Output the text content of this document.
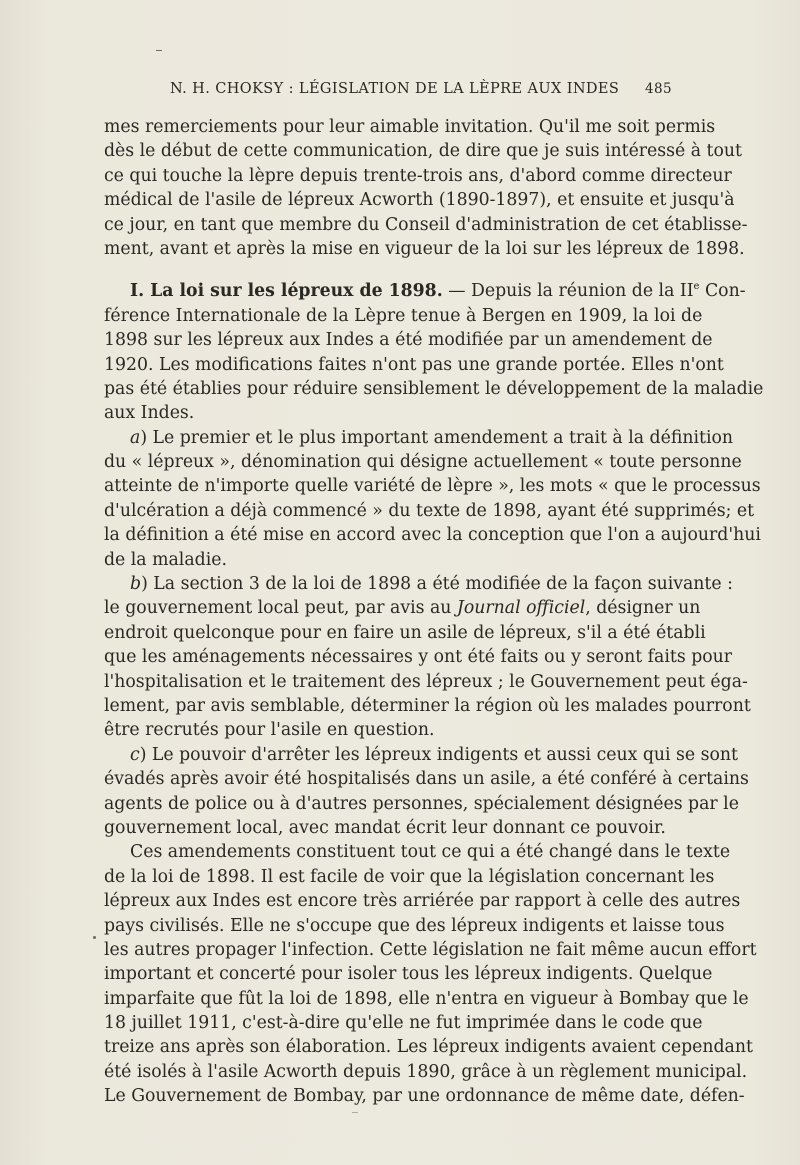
N. H. CHOKSY : LÉGISLATION DE LA LÈPRE AUX INDES 485
mes remerciements pour leur aimable invitation. Qu'il me soit permis
dès le début de cette communication, de dire que je suis intéressé à tout
ce qui touche la lèpre depuis trente-trois ans, d'abord comme directeur
médical de l'asile de lépreux Acworth (1890-1897), et ensuite et jusqu'à
ce jour, en tant que membre du Conseil d'administration de cet établisse-
ment, avant et après la mise en vigueur de la loi sur les lépreux de 1898.
I. La loi sur les lépreux de 1898. — Depuis la réunion de la IIe Con-
férence Internationale de la Lèpre tenue à Bergen en 1909, la loi de
1898 sur les lépreux aux Indes a été modifiée par un amendement de
1920. Les modifications faites n'ont pas une grande portée. Elles n'ont
pas été établies pour réduire sensiblement le développement de la maladie
aux Indes.
a) Le premier et le plus important amendement a trait à la définition
du « lépreux », dénomination qui désigne actuellement « toute personne
atteinte de n'importe quelle variété de lèpre », les mots « que le processus
d'ulcération a déjà commencé » du texte de 1898, ayant été supprimés; et
la définition a été mise en accord avec la conception que l'on a aujourd'hui
de la maladie.
b) La section 3 de la loi de 1898 a été modifiée de la façon suivante :
le gouvernement local peut, par avis au Journal officiel, désigner un
endroit quelconque pour en faire un asile de lépreux, s'il a été établi
que les aménagements nécessaires y ont été faits ou y seront faits pour
l'hospitalisation et le traitement des lépreux ; le Gouvernement peut éga-
lement, par avis semblable, déterminer la région où les malades pourront
être recrutés pour l'asile en question.
c) Le pouvoir d'arrêter les lépreux indigents et aussi ceux qui se sont
évadés après avoir été hospitalisés dans un asile, a été conféré à certains
agents de police ou à d'autres personnes, spécialement désignées par le
gouvernement local, avec mandat écrit leur donnant ce pouvoir.
Ces amendements constituent tout ce qui a été changé dans le texte
de la loi de 1898. Il est facile de voir que la législation concernant les
lépreux aux Indes est encore très arriérée par rapport à celle des autres
pays civilisés. Elle ne s'occupe que des lépreux indigents et laisse tous
les autres propager l'infection. Cette législation ne fait même aucun effort
important et concerté pour isoler tous les lépreux indigents. Quelque
imparfaite que fût la loi de 1898, elle n'entra en vigueur à Bombay que le
18 juillet 1911, c'est-à-dire qu'elle ne fut imprimée dans le code que
treize ans après son élaboration. Les lépreux indigents avaient cependant
été isolés à l'asile Acworth depuis 1890, grâce à un règlement municipal.
Le Gouvernement de Bombay, par une ordonnance de même date, défen-
